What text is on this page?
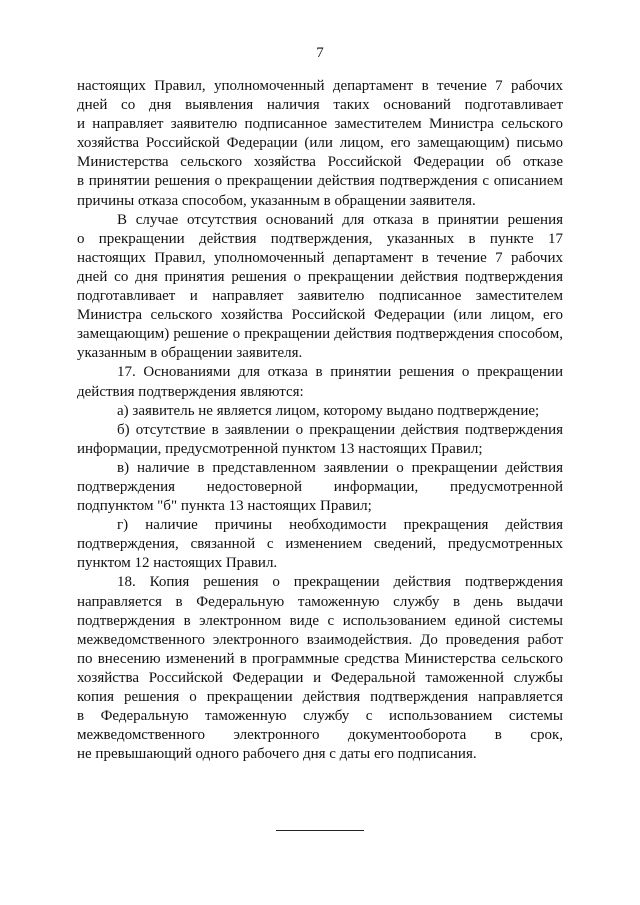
7
настоящих Правил, уполномоченный департамент в течение 7 рабочих
дней со дня выявления наличия таких оснований подготавливает
и направляет заявителю подписанное заместителем Министра сельского
хозяйства Российской Федерации (или лицом, его замещающим) письмо
Министерства сельского хозяйства Российской Федерации об отказе
в принятии решения о прекращении действия подтверждения с описанием
причины отказа способом, указанным в обращении заявителя.
В случае отсутствия оснований для отказа в принятии решения
о прекращении действия подтверждения, указанных в пункте 17
настоящих Правил, уполномоченный департамент в течение 7 рабочих
дней со дня принятия решения о прекращении действия подтверждения
подготавливает и направляет заявителю подписанное заместителем
Министра сельского хозяйства Российской Федерации (или лицом, его
замещающим) решение о прекращении действия подтверждения способом,
указанным в обращении заявителя.
17. Основаниями для отказа в принятии решения о прекращении
действия подтверждения являются:
а) заявитель не является лицом, которому выдано подтверждение;
б) отсутствие в заявлении о прекращении действия подтверждения
информации, предусмотренной пунктом 13 настоящих Правил;
в) наличие в представленном заявлении о прекращении действия
подтверждения недостоверной информации, предусмотренной
подпунктом "б" пункта 13 настоящих Правил;
г) наличие причины необходимости прекращения действия
подтверждения, связанной с изменением сведений, предусмотренных
пунктом 12 настоящих Правил.
18. Копия решения о прекращении действия подтверждения
направляется в Федеральную таможенную службу в день выдачи
подтверждения в электронном виде с использованием единой системы
межведомственного электронного взаимодействия. До проведения работ
по внесению изменений в программные средства Министерства сельского
хозяйства Российской Федерации и Федеральной таможенной службы
копия решения о прекращении действия подтверждения направляется
в Федеральную таможенную службу с использованием системы
межведомственного электронного документооборота в срок,
не превышающий одного рабочего дня с даты его подписания.
